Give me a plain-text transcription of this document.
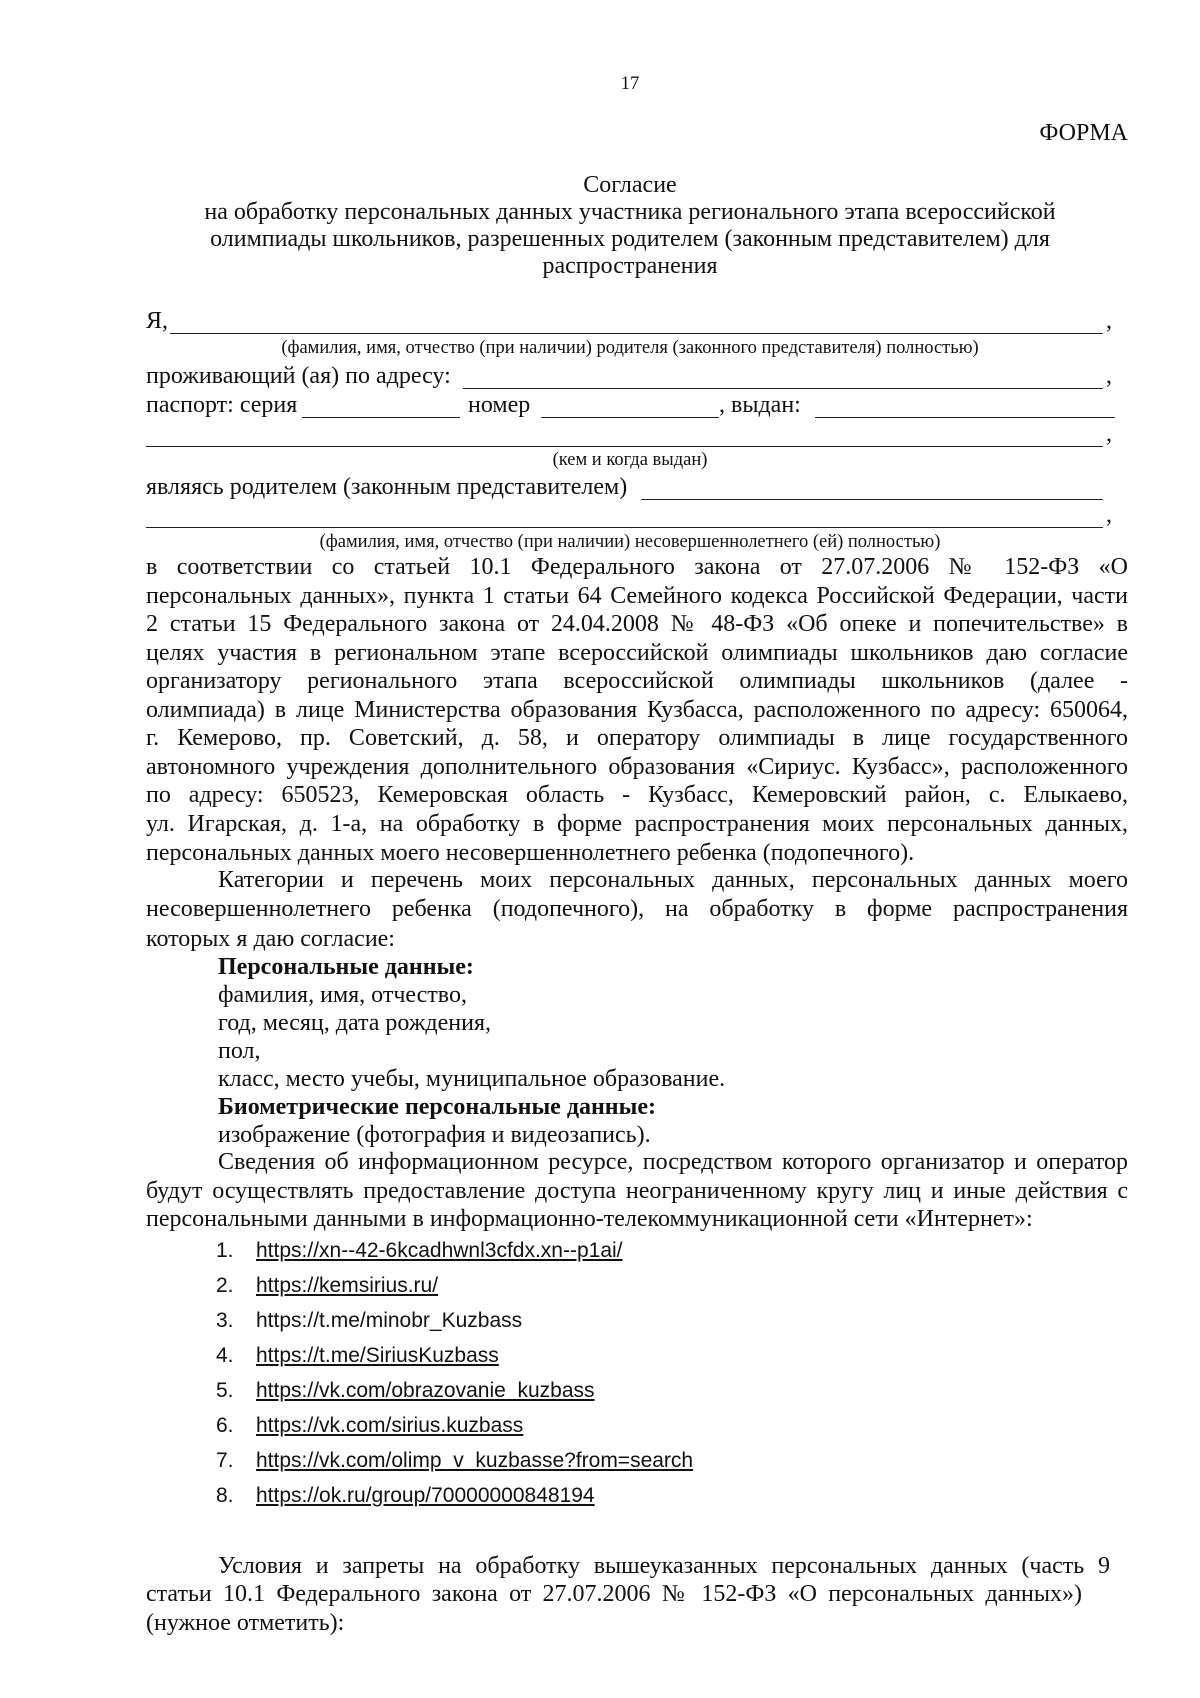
17
ФОРМА
Согласие
на обработку персональных данных участника регионального этапа всероссийской
олимпиады школьников, разрешенных родителем (законным представителем) для
распространения
Я,	,
(фамилия, имя, отчество (при наличии) родителя (законного представителя) полностью)
проживающий (ая) по адресу:	,
паспорт: серия	номер	, выдан:
,
(кем и когда выдан)
являясь родителем (законным представителем)
,
(фамилия, имя, отчество (при наличии) несовершеннолетнего (ей) полностью)
в соответствии со статьей 10.1 Федерального закона от 27.07.2006 № 152-ФЗ «О
персональных данных», пункта 1 статьи 64 Семейного кодекса Российской Федерации, части
2 статьи 15 Федерального закона от 24.04.2008 № 48-ФЗ «Об опеке и попечительстве» в
целях участия в региональном этапе всероссийской олимпиады школьников даю согласие
организатору регионального этапа всероссийской олимпиады школьников (далее -
олимпиада) в лице Министерства образования Кузбасса, расположенного по адресу: 650064,
г. Кемерово, пр. Советский, д. 58, и оператору олимпиады в лице государственного
автономного учреждения дополнительного образования «Сириус. Кузбасс», расположенного
по адресу: 650523, Кемеровская область - Кузбасс, Кемеровский район, с. Елыкаево,
ул. Игарская, д. 1-а, на обработку в форме распространения моих персональных данных,
персональных данных моего несовершеннолетнего ребенка (подопечного).
Категории и перечень моих персональных данных, персональных данных моего
несовершеннолетнего ребенка (подопечного), на обработку в форме распространения
которых я даю согласие:
Персональные данные:
фамилия, имя, отчество,
год, месяц, дата рождения,
пол,
класс, место учебы, муниципальное образование.
Биометрические персональные данные:
изображение (фотография и видеозапись).
Сведения об информационном ресурсе, посредством которого организатор и оператор
будут осуществлять предоставление доступа неограниченному кругу лиц и иные действия с
персональными данными в информационно-телекоммуникационной сети «Интернет»:
1.	https://xn--42-6kcadhwnl3cfdx.xn--p1ai/
2.	https://kemsirius.ru/
3.	https://t.me/minobr_Kuzbass
4.	https://t.me/SiriusKuzbass
5.	https://vk.com/obrazovanie_kuzbass
6.	https://vk.com/sirius.kuzbass
7.	https://vk.com/olimp_v_kuzbasse?from=search
8.	https://ok.ru/group/70000000848194
Условия и запреты на обработку вышеуказанных персональных данных (часть 9
статьи 10.1 Федерального закона от 27.07.2006 № 152-ФЗ «О персональных данных»)
(нужное отметить):
